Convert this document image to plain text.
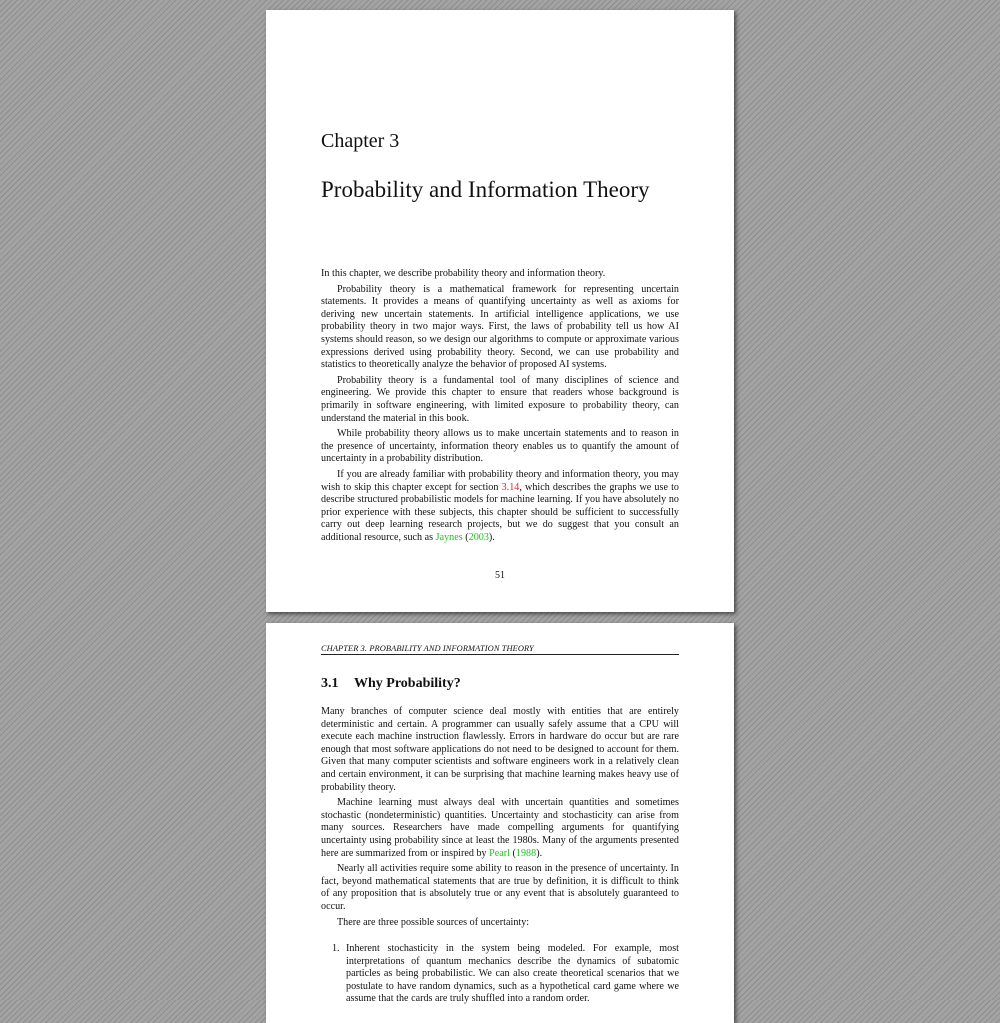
Chapter 3
Probability and Information Theory

In this chapter, we describe probability theory and information theory.

Probability theory is a mathematical framework for representing uncertain statements. It provides a means of quantifying uncertainty as well as axioms for deriving new uncertain statements. In artificial intelligence applications, we use probability theory in two major ways. First, the laws of probability tell us how AI systems should reason, so we design our algorithms to compute or approximate various expressions derived using probability theory. Second, we can use probability and statistics to theoretically analyze the behavior of proposed AI systems.

Probability theory is a fundamental tool of many disciplines of science and engineering. We provide this chapter to ensure that readers whose background is primarily in software engineering, with limited exposure to probability theory, can understand the material in this book.

While probability theory allows us to make uncertain statements and to reason in the presence of uncertainty, information theory enables us to quantify the amount of uncertainty in a probability distribution.

If you are already familiar with probability theory and information theory, you may wish to skip this chapter except for section 3.14, which describes the graphs we use to describe structured probabilistic models for machine learning. If you have absolutely no prior experience with these subjects, this chapter should be sufficient to successfully carry out deep learning research projects, but we do suggest that you consult an additional resource, such as Jaynes (2003).

51
CHAPTER 3. PROBABILITY AND INFORMATION THEORY
3.1 Why Probability?

Many branches of computer science deal mostly with entities that are entirely deterministic and certain. A programmer can usually safely assume that a CPU will execute each machine instruction flawlessly. Errors in hardware do occur but are rare enough that most software applications do not need to be designed to account for them. Given that many computer scientists and software engineers work in a relatively clean and certain environment, it can be surprising that machine learning makes heavy use of probability theory.

Machine learning must always deal with uncertain quantities and sometimes stochastic (nondeterministic) quantities. Uncertainty and stochasticity can arise from many sources. Researchers have made compelling arguments for quantifying uncertainty using probability since at least the 1980s. Many of the arguments presented here are summarized from or inspired by Pearl (1988).

Nearly all activities require some ability to reason in the presence of uncertainty. In fact, beyond mathematical statements that are true by definition, it is difficult to think of any proposition that is absolutely true or any event that is absolutely guaranteed to occur.

There are three possible sources of uncertainty:

1. Inherent stochasticity in the system being modeled. For example, most interpretations of quantum mechanics describe the dynamics of subatomic particles as being probabilistic. We can also create theoretical scenarios that we postulate to have random dynamics, such as a hypothetical card game where we assume that the cards are truly shuffled into a random order.
